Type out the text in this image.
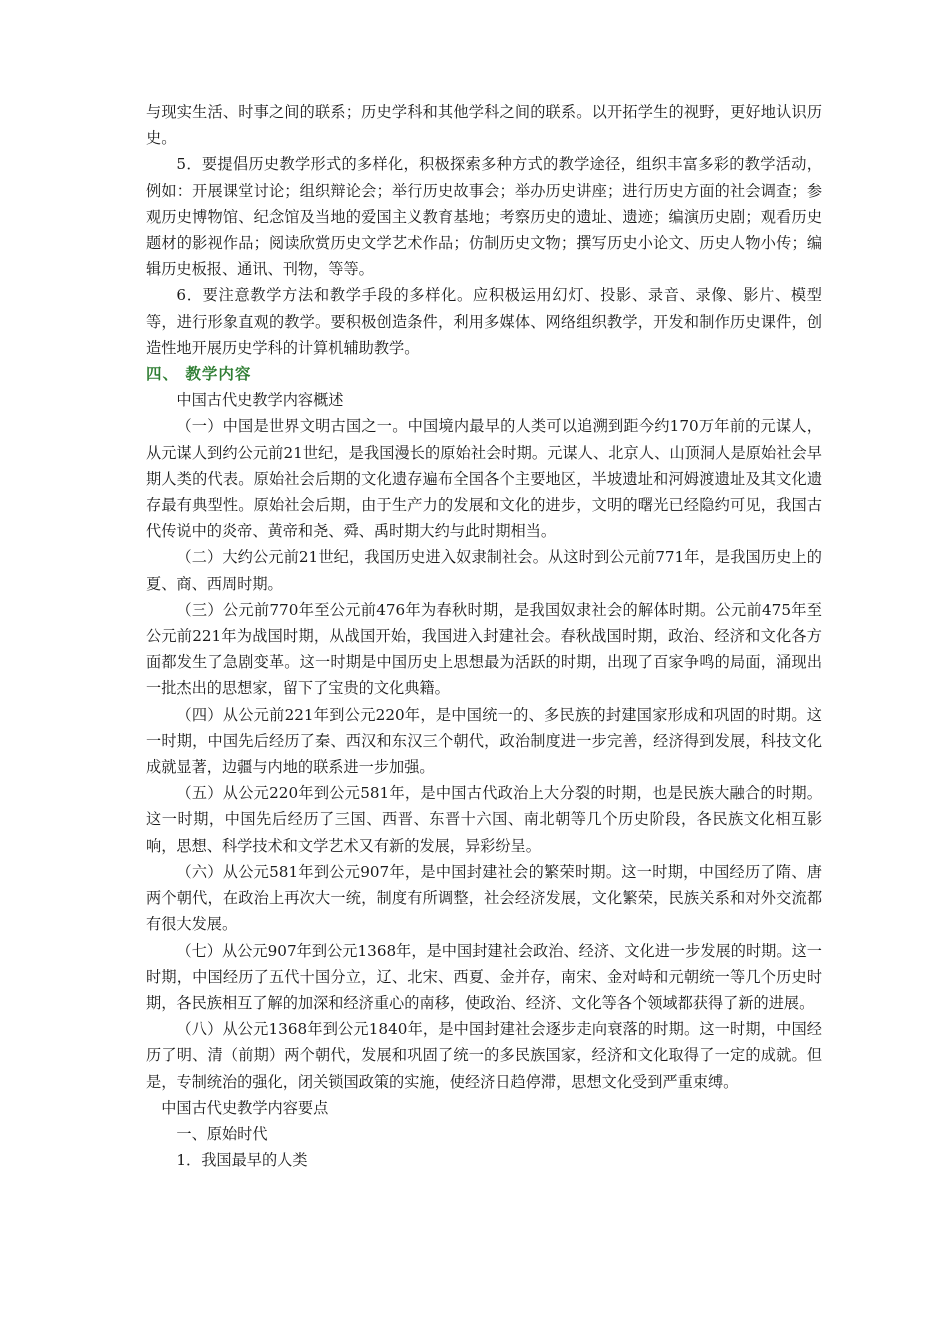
与现实生活、时事之间的联系；历史学科和其他学科之间的联系。以开拓学生的视野，更好地认识历史。

5．要提倡历史教学形式的多样化，积极探索多种方式的教学途径，组织丰富多彩的教学活动，例如：开展课堂讨论；组织辩论会；举行历史故事会；举办历史讲座；进行历史方面的社会调查；参观历史博物馆、纪念馆及当地的爱国主义教育基地；考察历史的遗址、遗迹；编演历史剧；观看历史题材的影视作品；阅读欣赏历史文学艺术作品；仿制历史文物；撰写历史小论文、历史人物小传；编辑历史板报、通讯、刊物，等等。

6．要注意教学方法和教学手段的多样化。应积极运用幻灯、投影、录音、录像、影片、模型等，进行形象直观的教学。要积极创造条件，利用多媒体、网络组织教学，开发和制作历史课件，创造性地开展历史学科的计算机辅助教学。

四、 教学内容

中国古代史教学内容概述

（一）中国是世界文明古国之一。中国境内最早的人类可以追溯到距今约170万年前的元谋人，从元谋人到约公元前21世纪，是我国漫长的原始社会时期。元谋人、北京人、山顶洞人是原始社会早期人类的代表。原始社会后期的文化遗存遍布全国各个主要地区，半坡遗址和河姆渡遗址及其文化遗存最有典型性。原始社会后期，由于生产力的发展和文化的进步，文明的曙光已经隐约可见，我国古代传说中的炎帝、黄帝和尧、舜、禹时期大约与此时期相当。

（二）大约公元前21世纪，我国历史进入奴隶制社会。从这时到公元前771年，是我国历史上的夏、商、西周时期。

（三）公元前770年至公元前476年为春秋时期，是我国奴隶社会的解体时期。公元前475年至公元前221年为战国时期，从战国开始，我国进入封建社会。春秋战国时期，政治、经济和文化各方面都发生了急剧变革。这一时期是中国历史上思想最为活跃的时期，出现了百家争鸣的局面，涌现出一批杰出的思想家，留下了宝贵的文化典籍。

（四）从公元前221年到公元220年，是中国统一的、多民族的封建国家形成和巩固的时期。这一时期，中国先后经历了秦、西汉和东汉三个朝代，政治制度进一步完善，经济得到发展，科技文化成就显著，边疆与内地的联系进一步加强。

（五）从公元220年到公元581年，是中国古代政治上大分裂的时期，也是民族大融合的时期。这一时期，中国先后经历了三国、西晋、东晋十六国、南北朝等几个历史阶段，各民族文化相互影响，思想、科学技术和文学艺术又有新的发展，异彩纷呈。

（六）从公元581年到公元907年，是中国封建社会的繁荣时期。这一时期，中国经历了隋、唐两个朝代，在政治上再次大一统，制度有所调整，社会经济发展，文化繁荣，民族关系和对外交流都有很大发展。

（七）从公元907年到公元1368年，是中国封建社会政治、经济、文化进一步发展的时期。这一时期，中国经历了五代十国分立，辽、北宋、西夏、金并存，南宋、金对峙和元朝统一等几个历史时期，各民族相互了解的加深和经济重心的南移，使政治、经济、文化等各个领域都获得了新的进展。

（八）从公元1368年到公元1840年，是中国封建社会逐步走向衰落的时期。这一时期，中国经历了明、清（前期）两个朝代，发展和巩固了统一的多民族国家，经济和文化取得了一定的成就。但是，专制统治的强化，闭关锁国政策的实施，使经济日趋停滞，思想文化受到严重束缚。

中国古代史教学内容要点

一、原始时代

1．我国最早的人类
